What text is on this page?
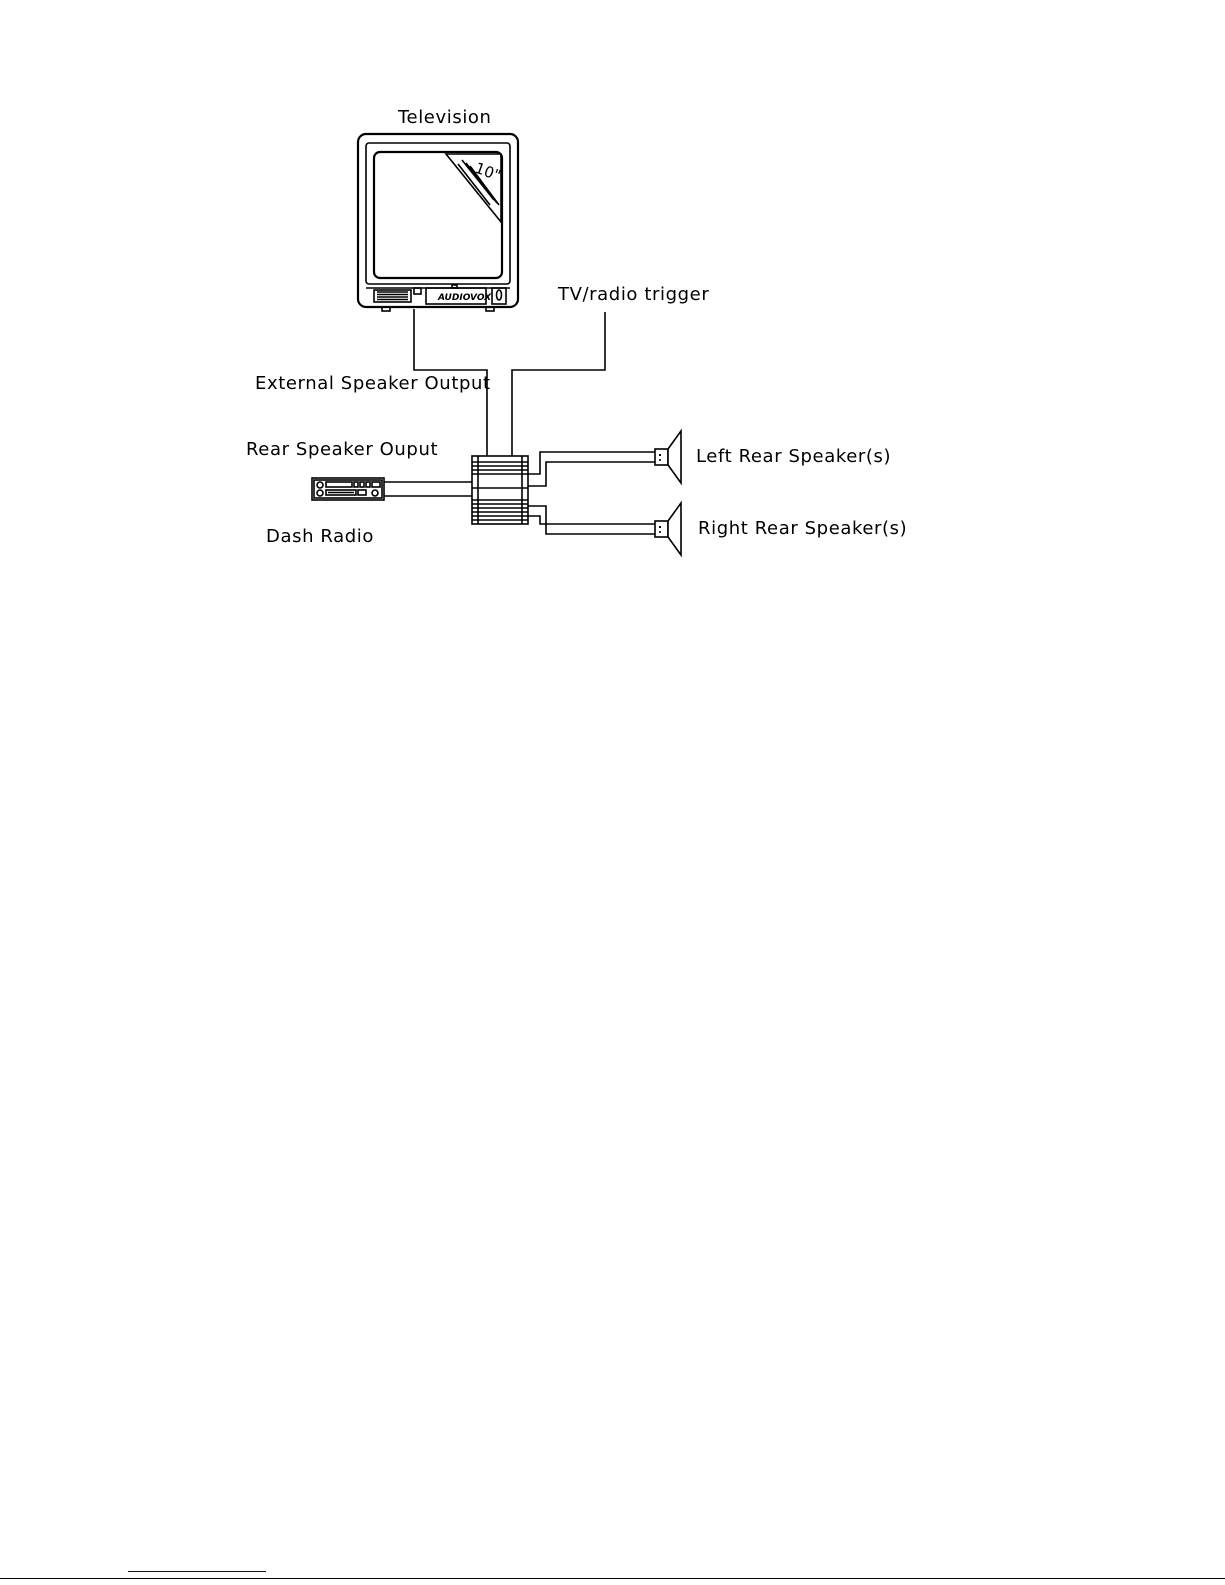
10"
AUDIOVOX
Television
TV/radio trigger
External Speaker Output
Rear Speaker Ouput
Dash Radio
Left Rear Speaker(s)
Right Rear Speaker(s)
